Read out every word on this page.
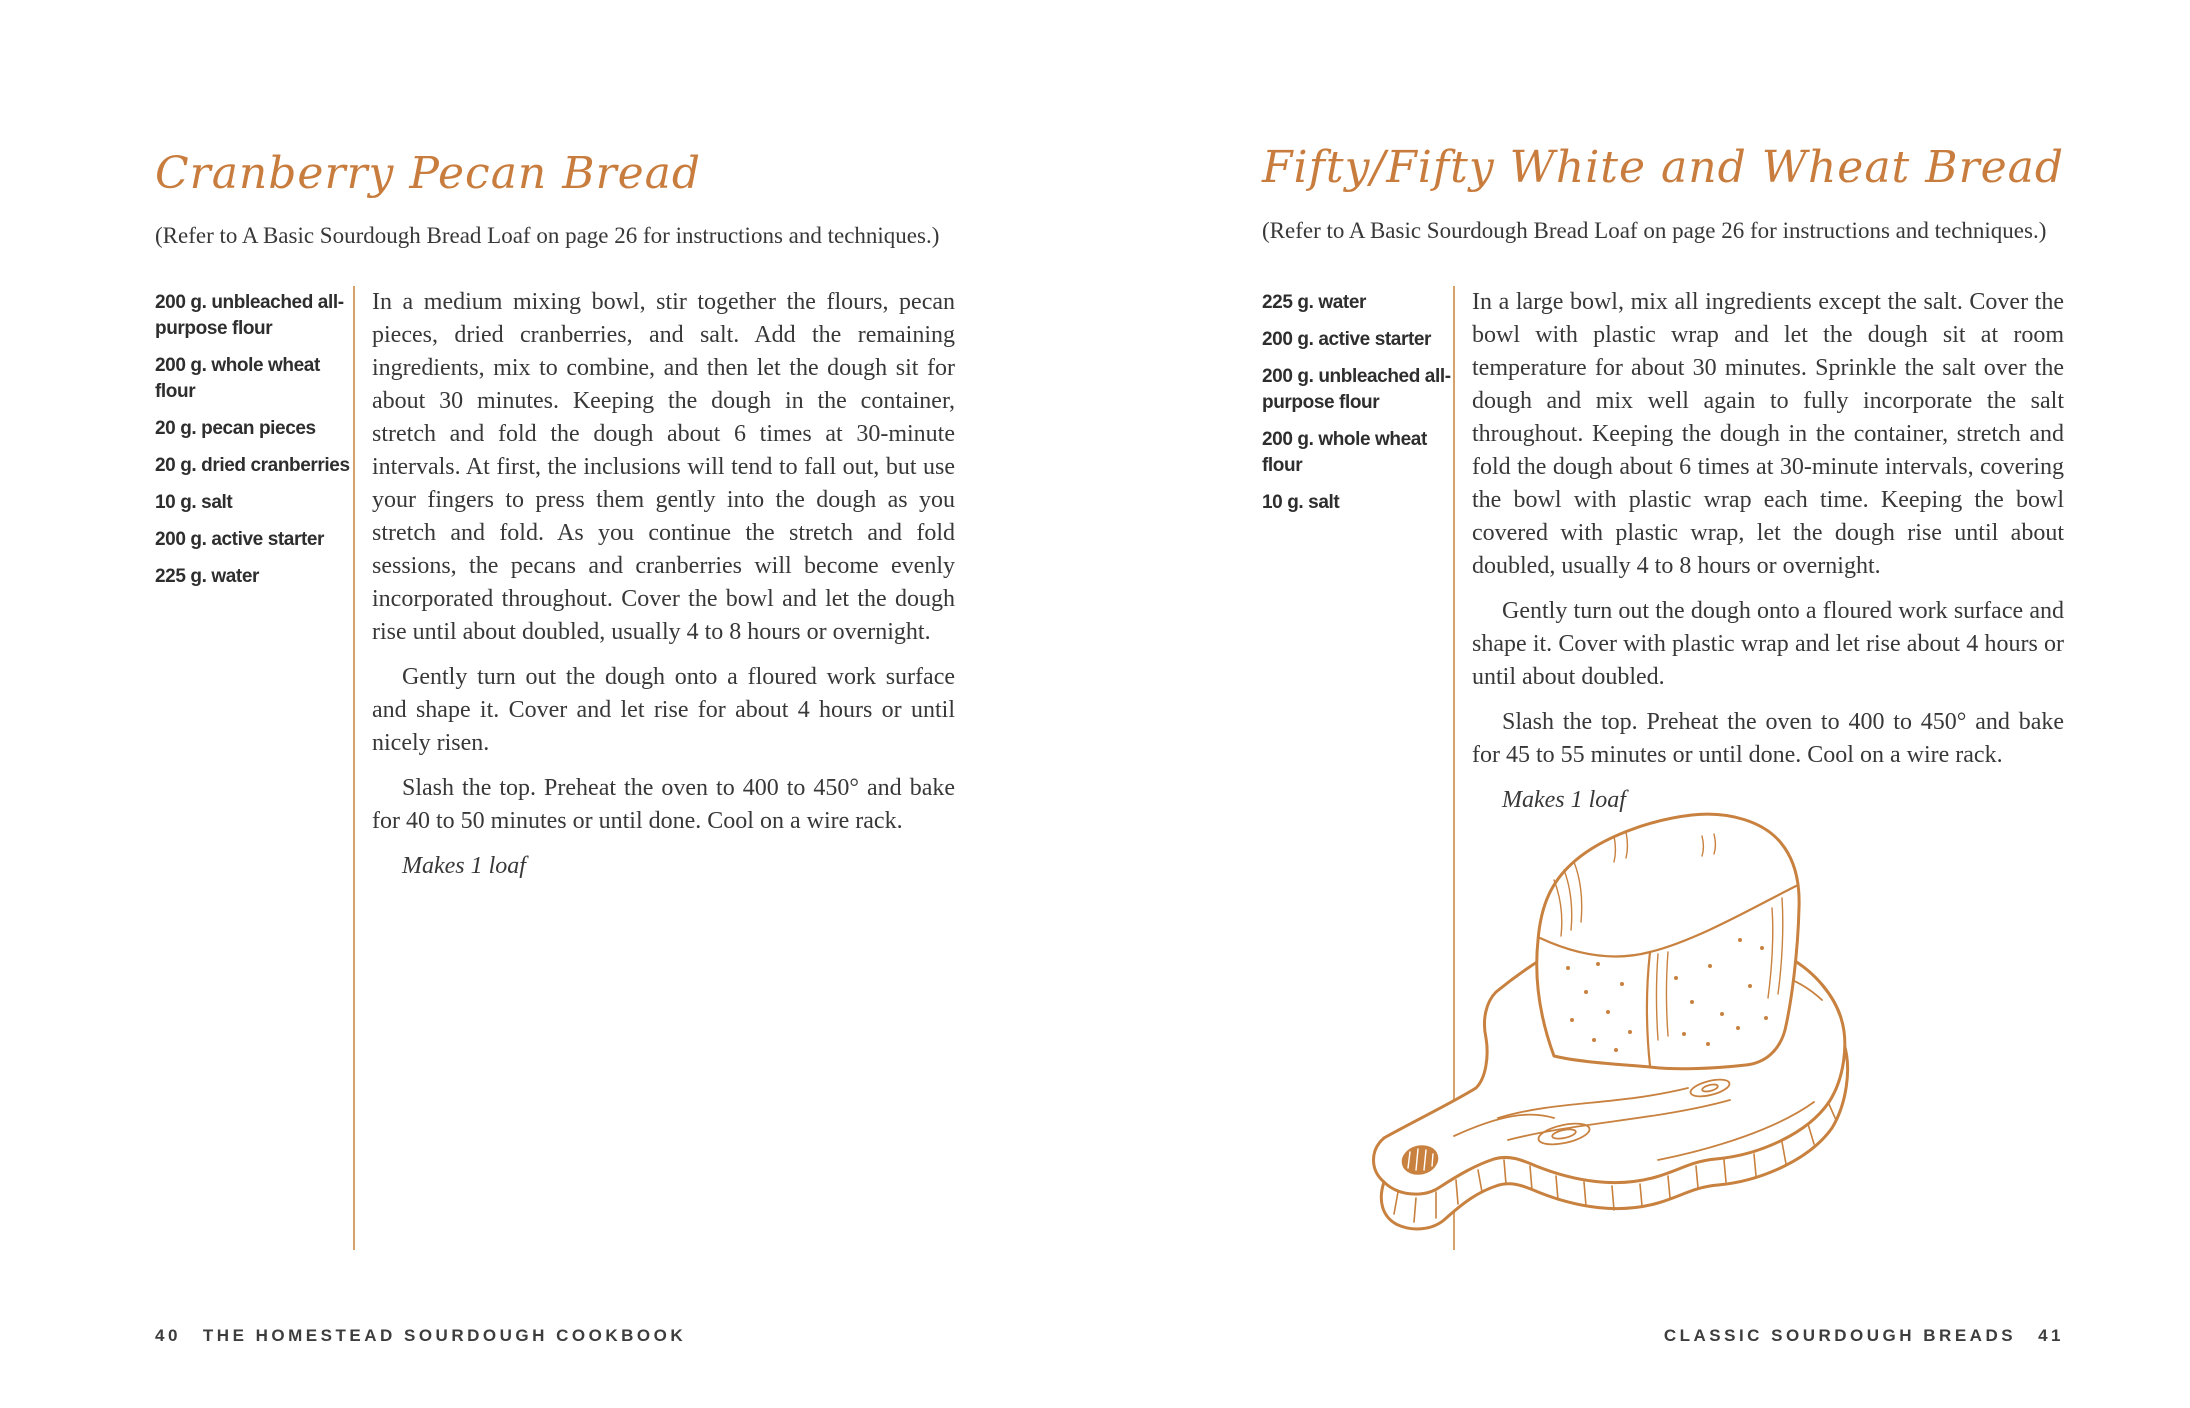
Cranberry Pecan Bread
(Refer to A Basic Sourdough Bread Loaf on page 26 for instructions and techniques.)
200 g. unbleached all-purpose flour
200 g. whole wheat flour
20 g. pecan pieces
20 g. dried cranberries
10 g. salt
200 g. active starter
225 g. water

In a medium mixing bowl, stir together the flours, pecan pieces, dried cranberries, and salt. Add the remaining ingredients, mix to combine, and then let the dough sit for about 30 minutes. Keeping the dough in the container, stretch and fold the dough about 6 times at 30-minute intervals. At first, the inclusions will tend to fall out, but use your fingers to press them gently into the dough as you stretch and fold. As you continue the stretch and fold sessions, the pecans and cranberries will become evenly incorporated throughout. Cover the bowl and let the dough rise until about doubled, usually 4 to 8 hours or overnight.

Gently turn out the dough onto a floured work surface and shape it. Cover and let rise for about 4 hours or until nicely risen.

Slash the top. Preheat the oven to 400 to 450° and bake for 40 to 50 minutes or until done. Cool on a wire rack.

Makes 1 loaf

40 THE HOMESTEAD SOURDOUGH COOKBOOK
Fifty/Fifty White and Wheat Bread
(Refer to A Basic Sourdough Bread Loaf on page 26 for instructions and techniques.)
225 g. water
200 g. active starter
200 g. unbleached all-purpose flour
200 g. whole wheat flour
10 g. salt

In a large bowl, mix all ingredients except the salt. Cover the bowl with plastic wrap and let the dough sit at room temperature for about 30 minutes. Sprinkle the salt over the dough and mix well again to fully incorporate the salt throughout. Keeping the dough in the container, stretch and fold the dough about 6 times at 30-minute intervals, covering the bowl with plastic wrap each time. Keeping the bowl covered with plastic wrap, let the dough rise until about doubled, usually 4 to 8 hours or overnight.

Gently turn out the dough onto a floured work surface and shape it. Cover with plastic wrap and let rise about 4 hours or until about doubled.

Slash the top. Preheat the oven to 400 to 450° and bake for 45 to 55 minutes or until done. Cool on a wire rack.

Makes 1 loaf

CLASSIC SOURDOUGH BREADS 41
